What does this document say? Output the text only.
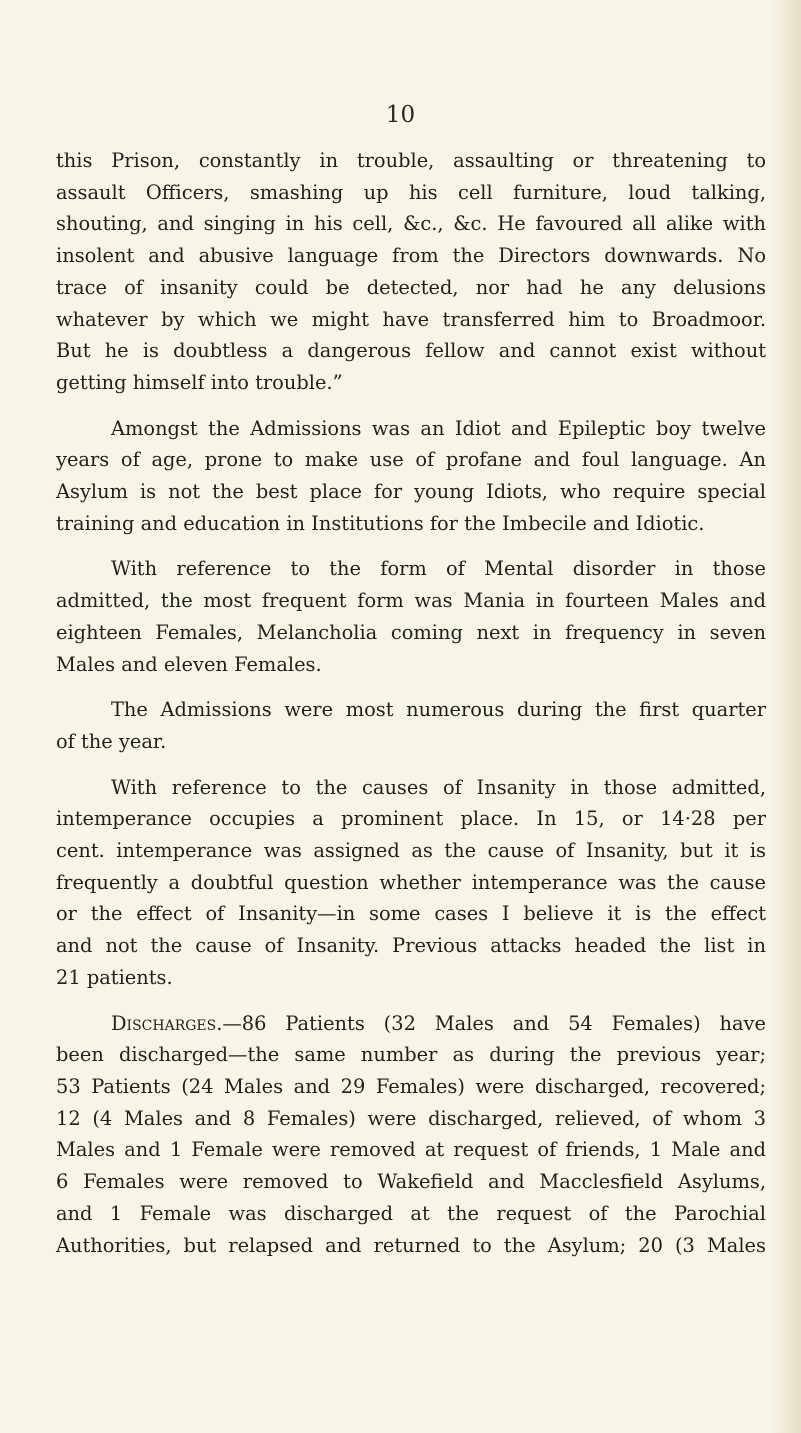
10
this Prison, constantly in trouble, assaulting or threatening to
assault Officers, smashing up his cell furniture, loud talking,
shouting, and singing in his cell, &c., &c. He favoured all alike with
insolent and abusive language from the Directors downwards. No
trace of insanity could be detected, nor had he any delusions
whatever by which we might have transferred him to Broadmoor.
But he is doubtless a dangerous fellow and cannot exist without
getting himself into trouble.”
Amongst the Admissions was an Idiot and Epileptic boy twelve
years of age, prone to make use of profane and foul language. An
Asylum is not the best place for young Idiots, who require special
training and education in Institutions for the Imbecile and Idiotic.
With reference to the form of Mental disorder in those
admitted, the most frequent form was Mania in fourteen Males and
eighteen Females, Melancholia coming next in frequency in seven
Males and eleven Females.
The Admissions were most numerous during the first quarter
of the year.
With reference to the causes of Insanity in those admitted,
intemperance occupies a prominent place. In 15, or 14·28 per
cent. intemperance was assigned as the cause of Insanity, but it is
frequently a doubtful question whether intemperance was the cause
or the effect of Insanity—in some cases I believe it is the effect
and not the cause of Insanity. Previous attacks headed the list in
21 patients.
Discharges.—86 Patients (32 Males and 54 Females) have
been discharged—the same number as during the previous year;
53 Patients (24 Males and 29 Females) were discharged, recovered;
12 (4 Males and 8 Females) were discharged, relieved, of whom 3
Males and 1 Female were removed at request of friends, 1 Male and
6 Females were removed to Wakefield and Macclesfield Asylums,
and 1 Female was discharged at the request of the Parochial
Authorities, but relapsed and returned to the Asylum; 20 (3 Males
